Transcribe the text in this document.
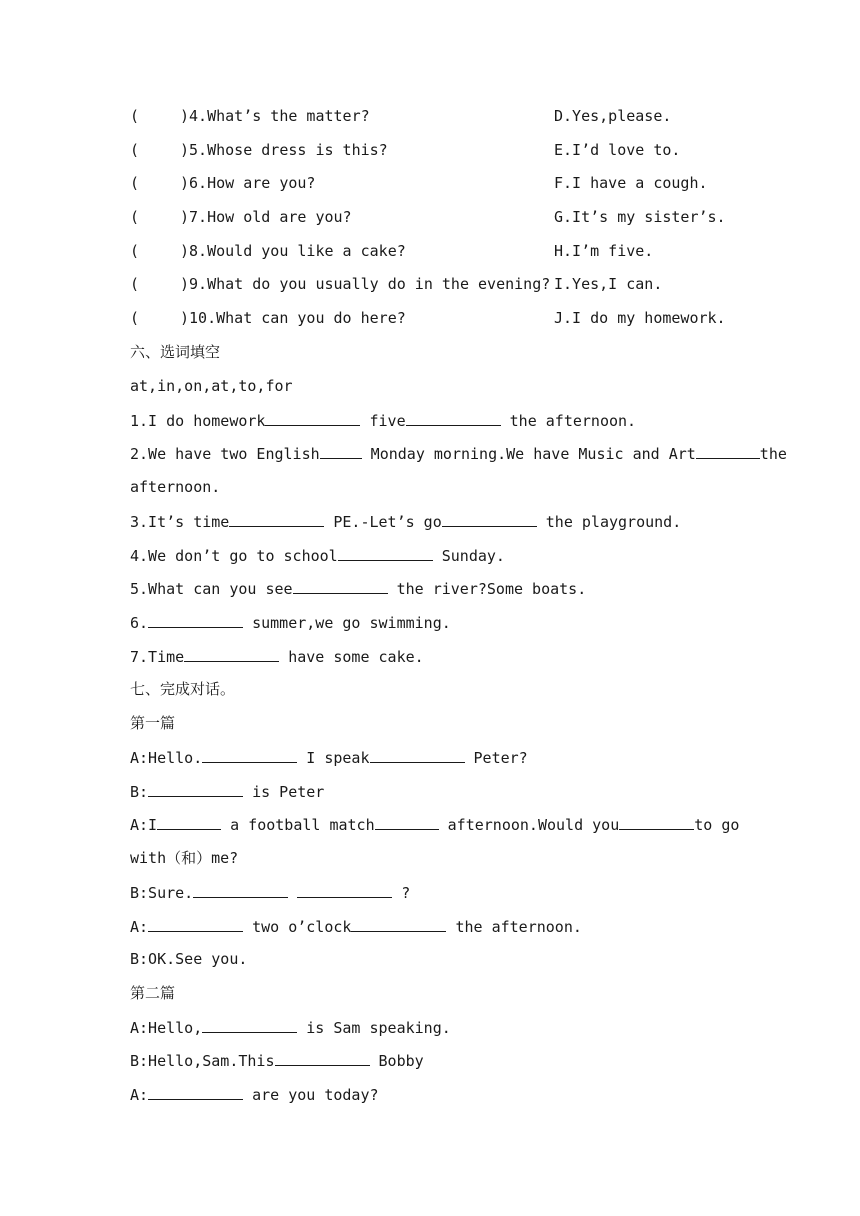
(	)4.What’s the matter?	D.Yes,please.
(	)5.Whose dress is this?	E.I’d love to.
(	)6.How are you?	F.I have a cough.
(	)7.How old are you?	G.It’s my sister’s.
(	)8.Would you like a cake?	H.I’m five.
(	)9.What do you usually do in the evening? I.Yes,I can.
(	)10.What can you do here?	J.I do my homework.
六、选词填空
at,in,on,at,to,for
1.I do homework	five	the afternoon.
2.We have two English	Monday morning.We have Music and Art	the
afternoon.
3.It’s time	PE.-Let’s go	the playground.
4.We don’t go to school	Sunday.
5.What can you see	the river?Some boats.
6.	summer,we go swimming.
7.Time	have some cake.
七、完成对话。
第一篇
A:Hello.	I speak	Peter?
B:	is Peter
A:I	a football match	afternoon.Would you	to go
with（和）me?
B:Sure.	?
A:	two o’clock	the afternoon.
B:OK.See you.
第二篇
A:Hello,	is Sam speaking.
B:Hello,Sam.This	Bobby
A:	are you today?
